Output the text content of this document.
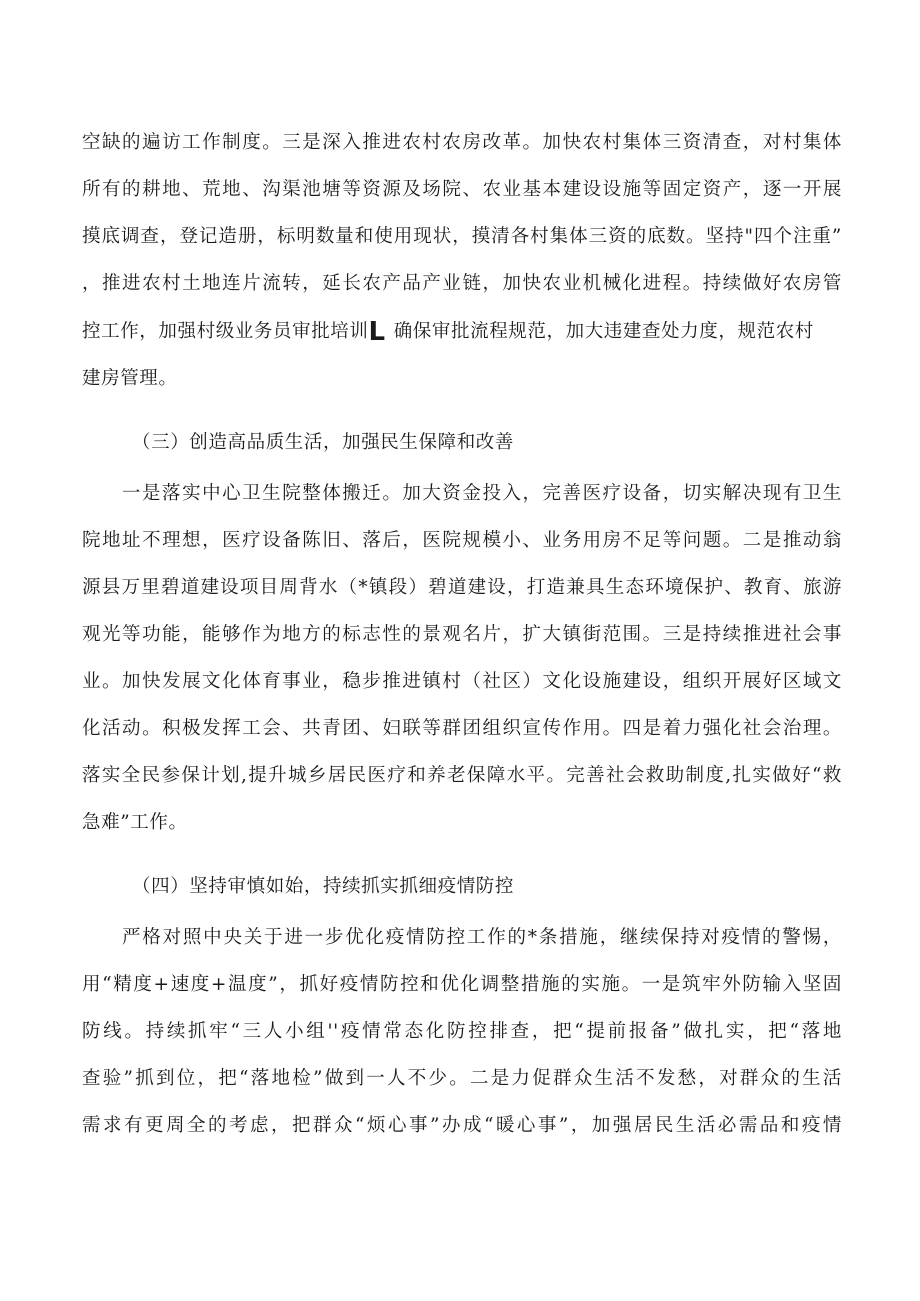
空缺的遍访工作制度。三是深入推进农村农房改革。加快农村集体三资清查，对村集体
所有的耕地、荒地、沟渠池塘等资源及场院、农业基本建设设施等固定资产，逐一开展
摸底调查，登记造册，标明数量和使用现状，摸清各村集体三资的底数。坚持"四个注重”
，推进农村土地连片流转，延长农产品产业链，加快农业机械化进程。持续做好农房管
控工作，加强村级业务员审批培训L 确保审批流程规范，加大违建查处力度，规范农村
建房管理。
（三）创造高品质生活，加强民生保障和改善
一是落实中心卫生院整体搬迁。加大资金投入，完善医疗设备，切实解决现有卫生
院地址不理想，医疗设备陈旧、落后，医院规模小、业务用房不足等问题。二是推动翁
源县万里碧道建设项目周背水（*镇段）碧道建设，打造兼具生态环境保护、教育、旅游
观光等功能，能够作为地方的标志性的景观名片，扩大镇街范围。三是持续推进社会事
业。加快发展文化体育事业，稳步推进镇村（社区）文化设施建设，组织开展好区域文
化活动。积极发挥工会、共青团、妇联等群团组织宣传作用。四是着力强化社会治理。
落实全民参保计划,提升城乡居民医疗和养老保障水平。完善社会救助制度,扎实做好“救
急难”工作。
（四）坚持审慎如始，持续抓实抓细疫情防控
严格对照中央关于进一步优化疫情防控工作的*条措施，继续保持对疫情的警惕，
用“精度+速度+温度”，抓好疫情防控和优化调整措施的实施。一是筑牢外防输入坚固
防线。持续抓牢“三人小组''疫情常态化防控排查，把“提前报备”做扎实，把“落地
查验”抓到位，把“落地检”做到一人不少。二是力促群众生活不发愁，对群众的生活
需求有更周全的考虑，把群众“烦心事”办成“暖心事”，加强居民生活必需品和疫情
